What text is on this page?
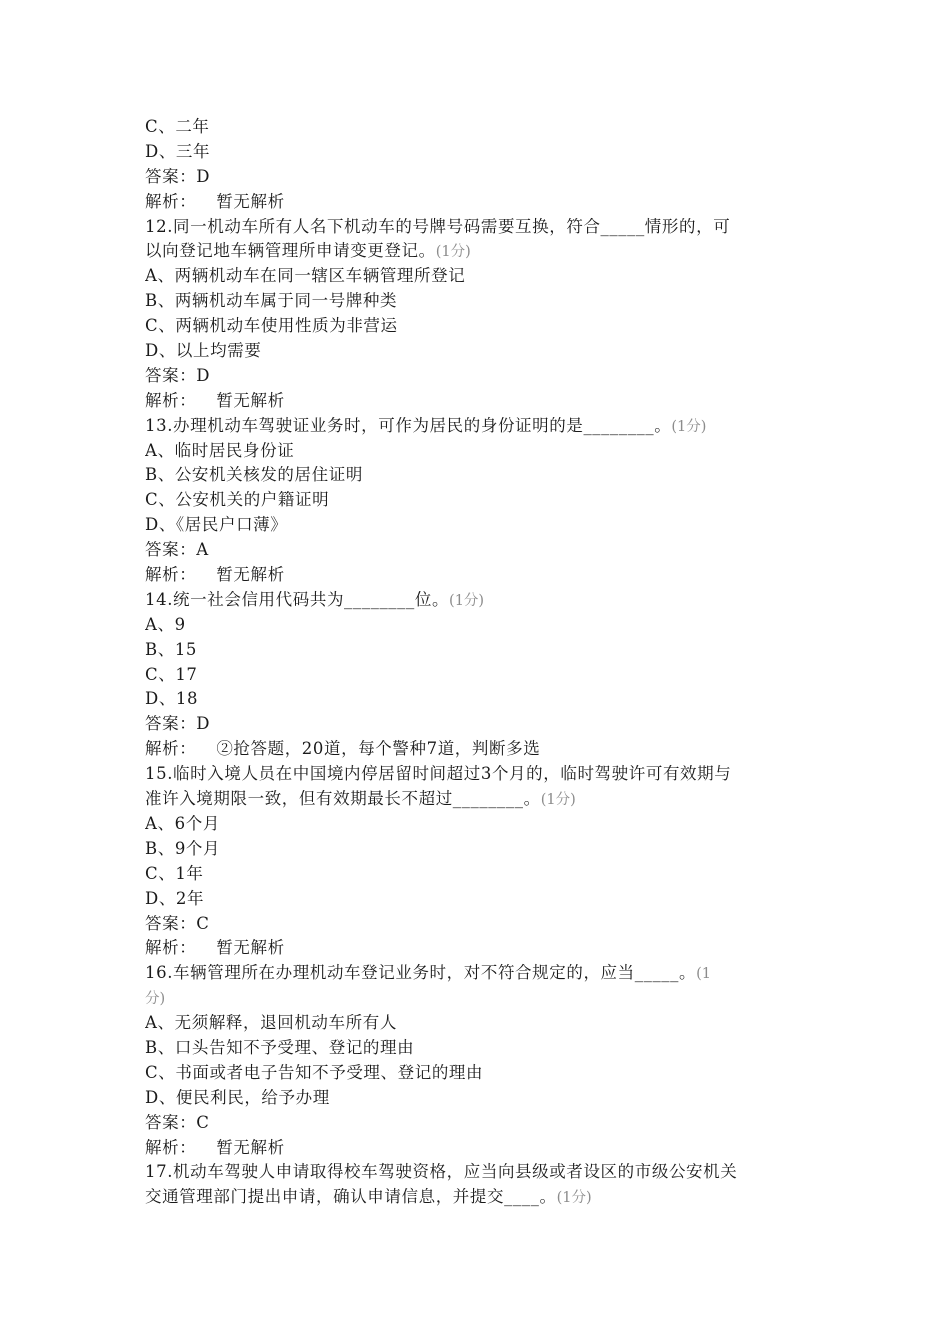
C、二年
D、三年
答案：D
解析： 暂无解析
12.同一机动车所有人名下机动车的号牌号码需要互换，符合_____情形的，可
以向登记地车辆管理所申请变更登记。(1分)
A、两辆机动车在同一辖区车辆管理所登记
B、两辆机动车属于同一号牌种类
C、两辆机动车使用性质为非营运
D、以上均需要
答案：D
解析： 暂无解析
13.办理机动车驾驶证业务时，可作为居民的身份证明的是________。(1分)
A、临时居民身份证
B、公安机关核发的居住证明
C、公安机关的户籍证明
D、《居民户口薄》
答案：A
解析： 暂无解析
14.统一社会信用代码共为________位。(1分)
A、9
B、15
C、17
D、18
答案：D
解析： ②抢答题，20道，每个警种7道，判断多选
15.临时入境人员在中国境内停居留时间超过3个月的，临时驾驶许可有效期与
准许入境期限一致，但有效期最长不超过________。(1分)
A、6个月
B、9个月
C、1年
D、2年
答案：C
解析： 暂无解析
16.车辆管理所在办理机动车登记业务时，对不符合规定的，应当_____。(1
分)
A、无须解释，退回机动车所有人
B、口头告知不予受理、登记的理由
C、书面或者电子告知不予受理、登记的理由
D、便民利民，给予办理
答案：C
解析： 暂无解析
17.机动车驾驶人申请取得校车驾驶资格，应当向县级或者设区的市级公安机关
交通管理部门提出申请，确认申请信息，并提交____。(1分)
